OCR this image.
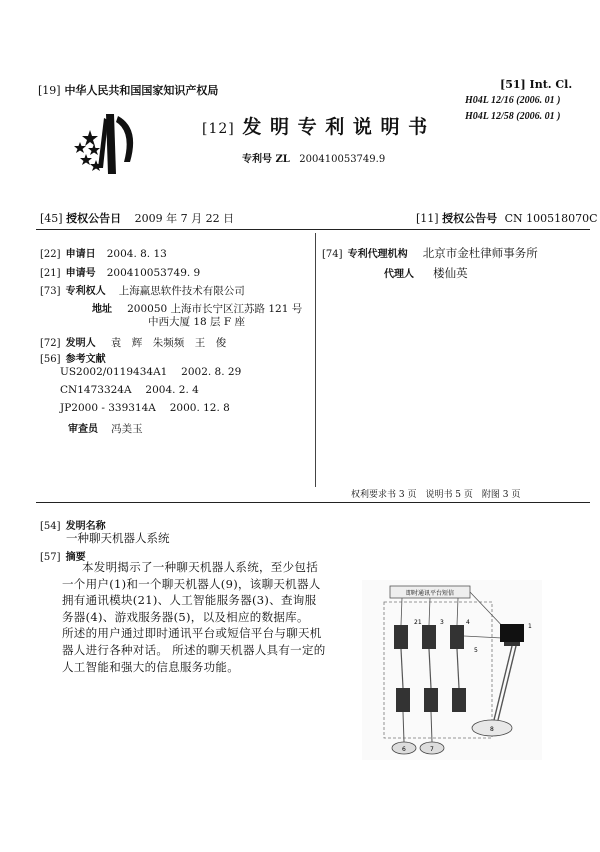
[19] 中华人民共和国国家知识产权局	[51] Int. Cl.
H04L 12/16 (2006. 01 )
H04L 12/58 (2006. 01 )
[12] 发 明 专 利 说 明 书
专利号 ZL 200410053749.9
[45] 授权公告日 2009 年 7 月 22 日	[11] 授权公告号 CN 100518070C
[22] 申请日 2004. 8. 13
[21] 申请号 200410053749. 9
[73] 专利权人 上海赢思软件技术有限公司
地址 200050 上海市长宁区江苏路 121 号
中西大厦 18 层 F 座
[72] 发明人 袁　辉　朱频频　王　俊
[56] 参考文献
US2002/0119434A1　 2002. 8. 29
CN1473324A　 2004. 2. 4
JP2000 - 339314A　 2000. 12. 8
审查员 冯美玉
[74] 专利代理机构 北京市金杜律师事务所
代理人 楼仙英
权利要求书 3 页　说明书 5 页　附图 3 页
[54] 发明名称
一种聊天机器人系统
[57] 摘要
本发明揭示了一种聊天机器人系统，至少包括
一个用户(1)和一个聊天机器人(9)，该聊天机器人
拥有通讯模块(21)、人工智能服务器(3)、查询服
务器(4)、游戏服务器(5)，以及相应的数据库。
所述的用户通过即时通讯平台或短信平台与聊天机
器人进行各种对话。 所述的聊天机器人具有一定的
人工智能和强大的信息服务功能。
即时通讯平台短信
21	3	4
5
6	7
8
1
